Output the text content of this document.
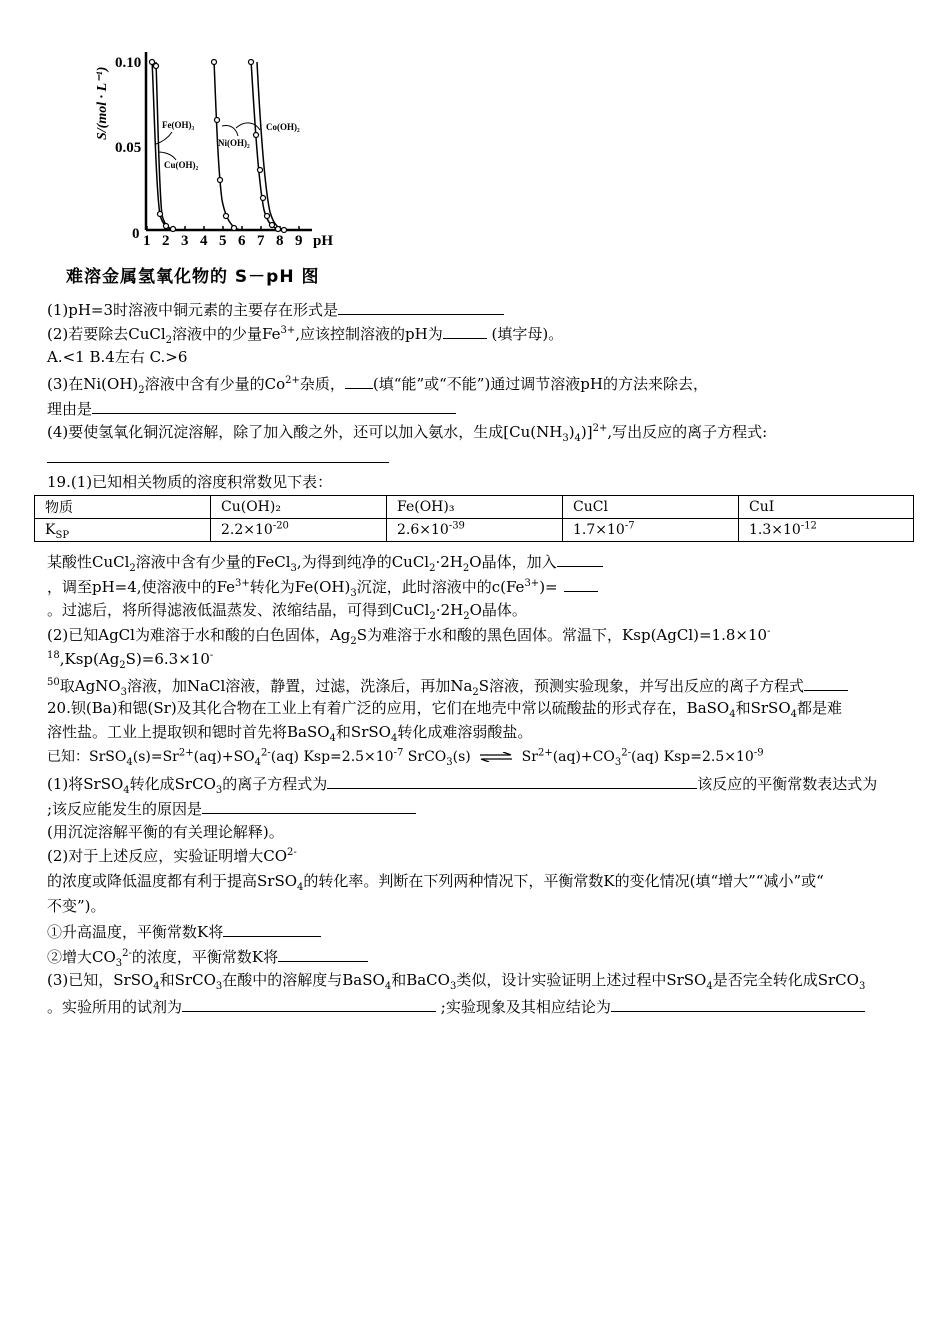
S/(mol · L⁻¹)
0.10
0.05
0 1 2 3 4 5 6 7 8 9 pH
Fe(OH)₃
Cu(OH)₂
Ni(OH)₂
Co(OH)₂
难溶金属氢氧化物的 S－pH 图
(1)pH=3时溶液中铜元素的主要存在形式是
(2)若要除去CuCl$_2$溶液中的少量$Fe^{3+}$,应该控制溶液的pH为	(填字母)。
A.<1 B.4左右 C.>6
(3)在$Ni(OH)_2$溶液中含有少量的$Co^{2+}$杂质， (填“能”或“不能”)通过调节溶液pH的方法来除去，
理由是
(4)要使氢氧化铜沉淀溶解，除了加入酸之外，还可以加入氨水，生成$[Cu(NH_3)_4)]^{2+}$,写出反应的离子方程式:
19.(1)已知相关物质的溶度积常数见下表：
物质	Cu(OH)₂	Fe(OH)₃	CuCl	CuI
$K_{SP}$	$2.2\times 10^{-20}$	$2.6\times 10^{-39}$	$1.7\times 10^{-7}$	$1.3\times 10^{-12}$
某酸性CuCl$_2$溶液中含有少量的FeCl$_3$,为得到纯净的$CuCl_2\cdot 2H_2O$晶体，加入
，调至pH=4,使溶液中的$Fe^{3+}$转化为$Fe(OH)_3$沉淀，此时溶液中的$c(Fe^{3+})=$
。过滤后，将所得滤液低温蒸发、浓缩结晶，可得到$CuCl_2\cdot 2H_2O$晶体。
(2)已知AgCl为难溶于水和酸的白色固体，$Ag_2S$为难溶于水和酸的黑色固体。常温下，Ksp(AgCl)=1.8×10-
$^{18},Ksp(Ag_2S)=6.3\times 10^-$
$^{50}$取AgNO$_3$溶液，加NaCl溶液，静置，过滤，洗涤后，再加$Na_2S$溶液，预测实验现象，并写出反应的离子方程式
20.钡(Ba)和锶(Sr)及其化合物在工业上有着广泛的应用，它们在地壳中常以硫酸盐的形式存在，BaSO$_4$和SrSO$_4$都是难
溶性盐。工业上提取钡和锶时首先将BaSO$_4$和SrSO$_4$转化成难溶弱酸盐。
已知：$SrSO_4(s)=Sr^{2+}(aq)+SO_4^{2-}(aq)$ $Ksp=2.5\times 10^{-7}$ SrCO$_3$(s) ⇌ $Sr^{2+}(aq)+CO_3^{2-}(aq)$ $Ksp=2.5\times 10^{-9}$
(1)将SrSO$_4$转化成SrCO$_3$的离子方程式为	该反应的平衡常数表达式为
;该反应能发生的原因是
(用沉淀溶解平衡的有关理论解释)。
(2)对于上述反应，实验证明增大$CO^{2-}$
的浓度或降低温度都有利于提高SrSO$_4$的转化率。判断在下列两种情况下，平衡常数K的变化情况(填“增大”“减小”或“
不变”)。
①升高温度，平衡常数K将
②增大$CO_3^{2-}$的浓度，平衡常数K将
(3)已知，SrSO$_4$和SrCO$_3$在酸中的溶解度与BaSO$_4$和BaCO$_3$类似，设计实验证明上述过程中SrSO$_4$是否完全转化成SrCO$_3$
。实验所用的试剂为	;实验现象及其相应结论为
